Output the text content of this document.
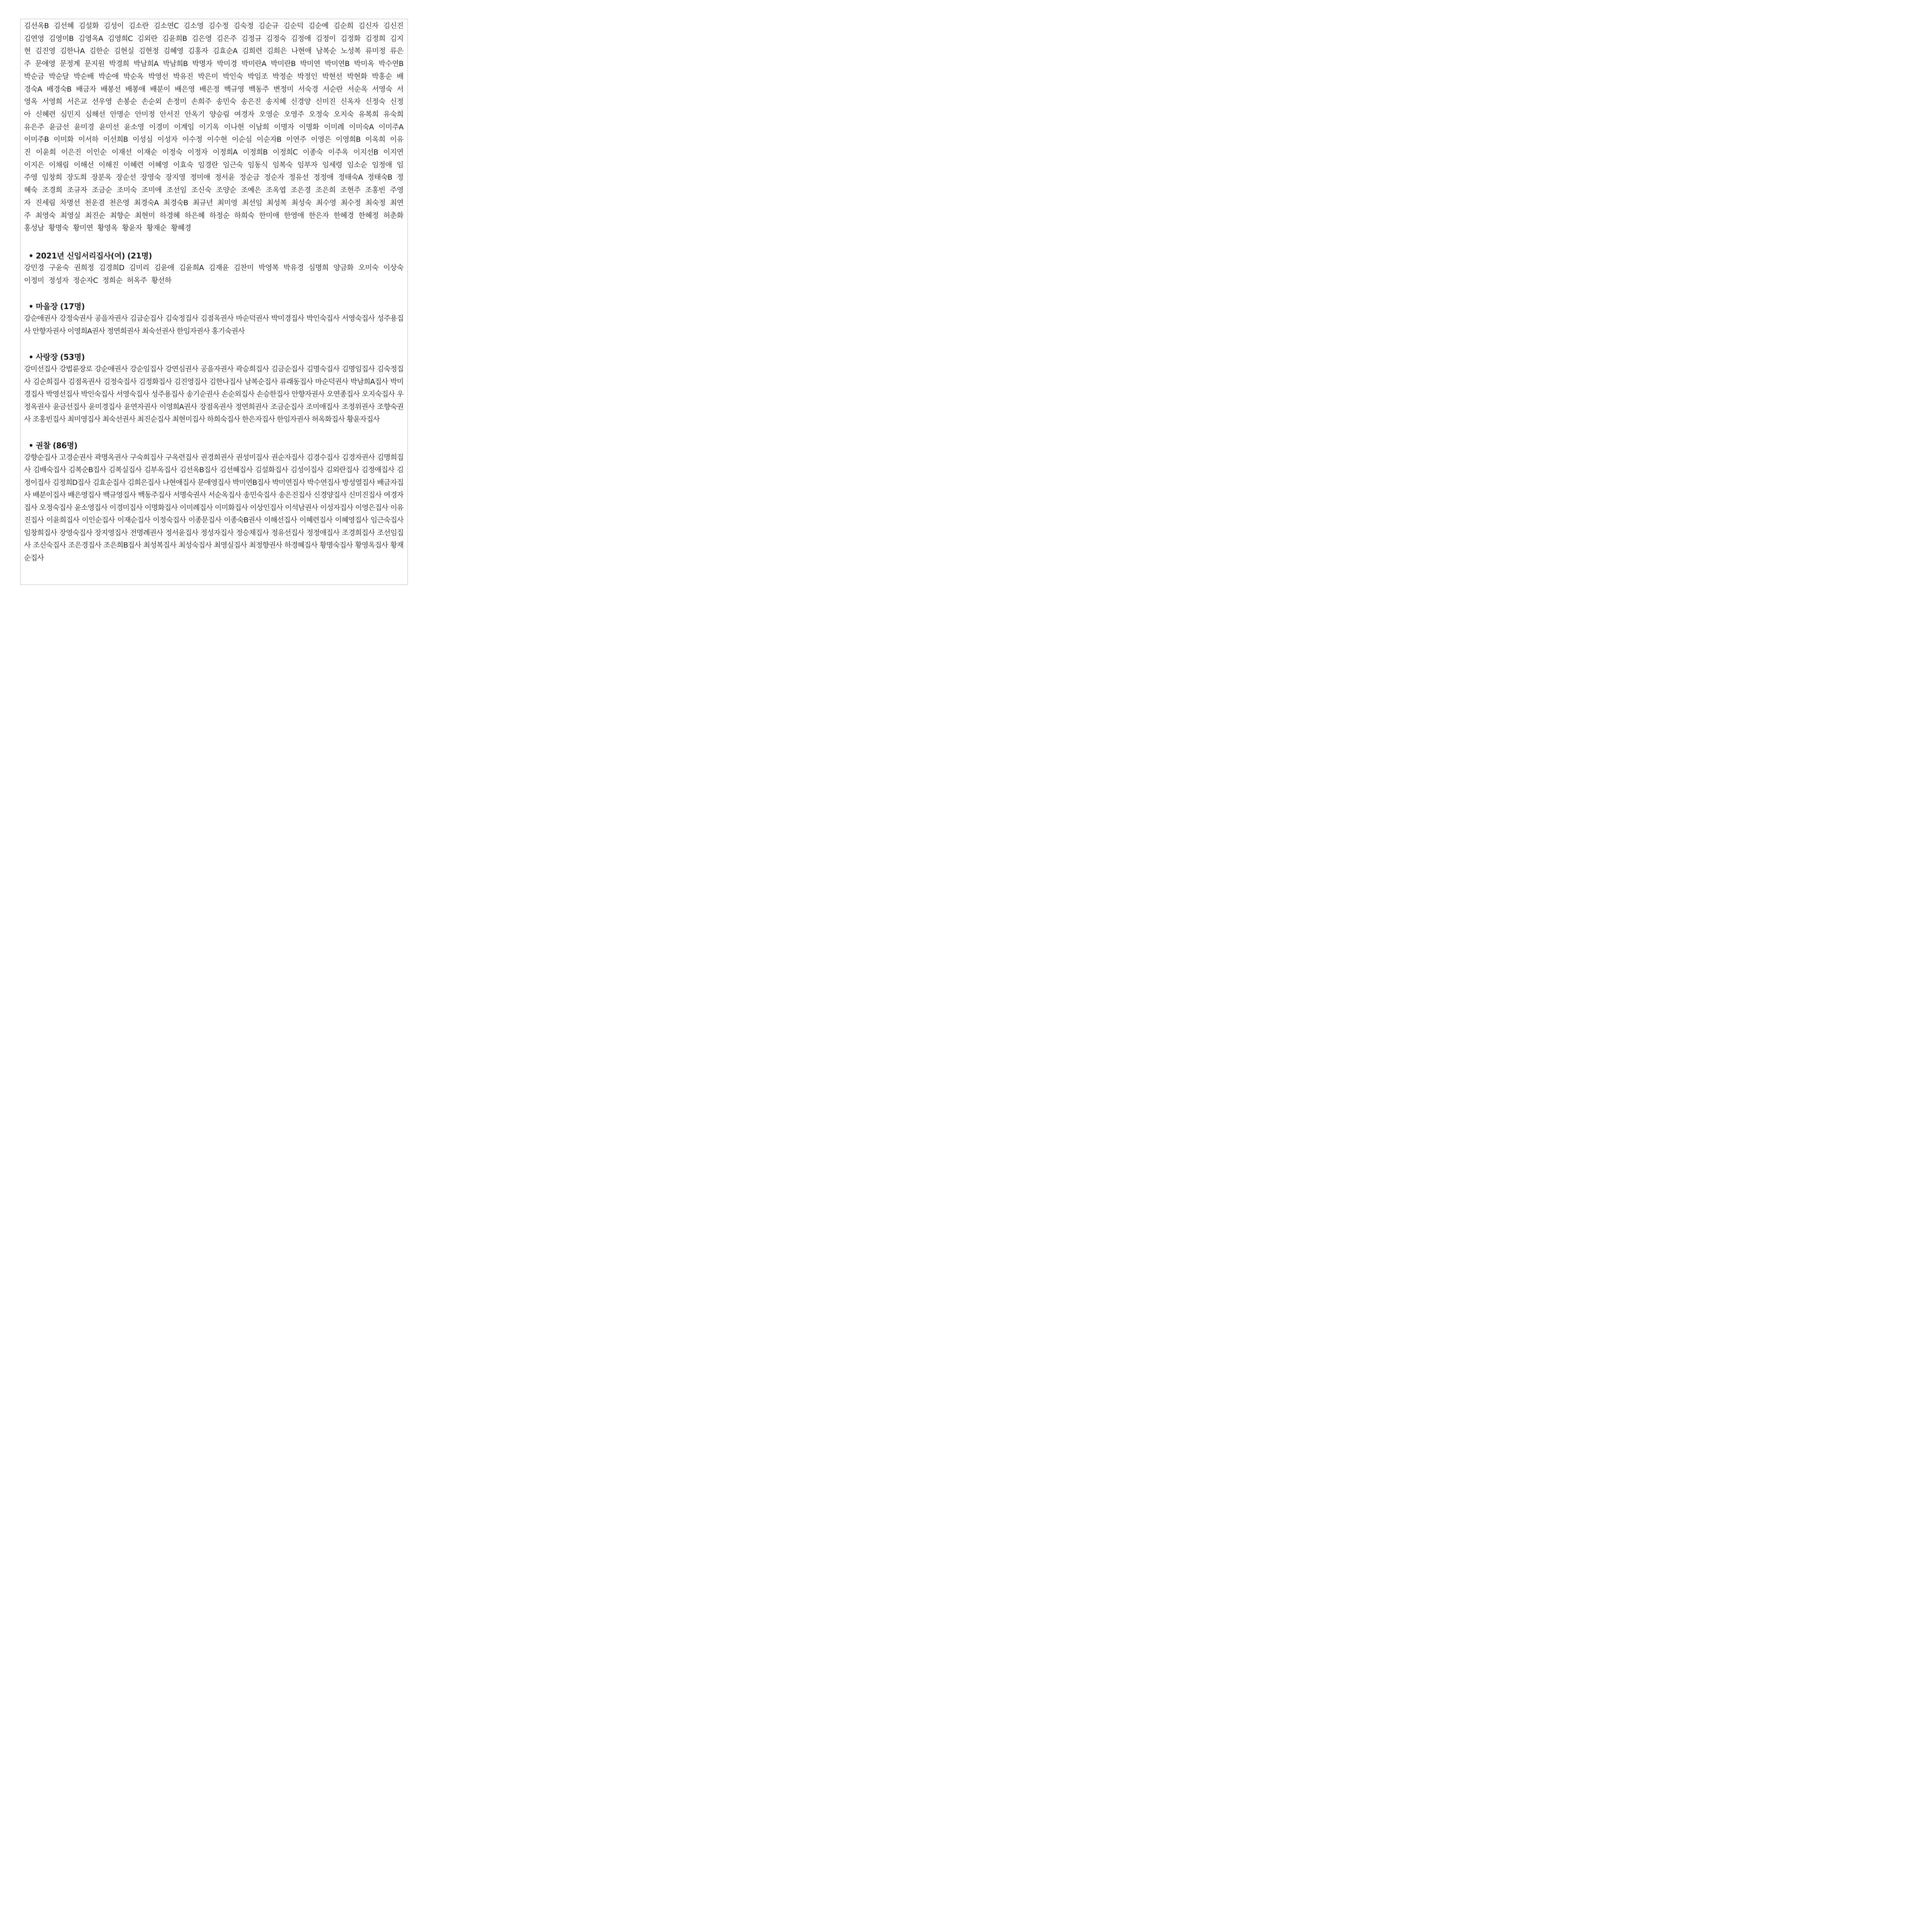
김선옥B 김선혜 김설화 김성이 김소란 김소연C 김소영 김수정 김숙정 김순규 김순덕 김순예 김순희 김신자 김신진 김연영 김영미B 김영옥A 김영희C 김외란 김윤희B 김은영 김은주 김정규 김정숙 김정애 김정이 김정화 김정희 김지현 김진영 김한나A 김한순 김현실 김현정 김혜영 김홍자 김효순A 김희련 김희은 나현애 남복순 노성복 류미정 류은주 문애영 문정계 문지원 박경희 박남희A 박남희B 박명자 박미경 박미란A 박미란B 박미연 박미연B 박미옥 박수연B 박순금 박순달 박순배 박순애 박순옥 박영선 박유진 박은미 박인숙 박임조 박정순 박정인 박현선 박현화 박홍순 배경숙A 배경숙B 배금자 배봉선 배봉애 배분이 배은영 배은정 백규영 백동주 변정미 서숙경 서순란 서순옥 서영숙 서영옥 서영희 서은교 선우영 손봉순 손순외 손정미 손희주 송민숙 송은진 송지혜 신경양 신미진 신옥자 신정숙 신정아 신혜련 심민지 심해선 안명순 안미정 안서진 안옥기 양승림 여경자 오영순 오영주 오정숙 오지숙 유복희 유숙희 유은주 윤금선 윤미경 윤미선 윤소영 이경미 이계임 이기옥 이나현 이남희 이명자 이명화 이미례 이미숙A 이미주A 이미주B 이미화 이서하 이선희B 이성심 이성자 이수정 이수현 이순심 이순자B 이연주 이영은 이영희B 이옥희 이유진 이윤희 이은진 이인순 이재선 이재순 이정숙 이정자 이정희A 이정희B 이정희C 이종숙 이주옥 이지선B 이지연 이지은 이채림 이해선 이해진 이혜련 이혜영 이효숙 임경란 임근숙 임동식 임복숙 임부자 임세령 임소순 임정애 임주영 임창희 장도희 장분옥 장순선 장영숙 장지영 정미애 정서윤 정순금 정순자 정유선 정정애 정태숙A 정태숙B 정혜숙 조경희 조규자 조금순 조미숙 조미애 조선임 조신숙 조양순 조예은 조옥엽 조은경 조은희 조현주 조홍빈 주영자 진세림 차명선 천운겸 천은영 최경숙A 최경숙B 최규년 최미영 최선임 최성복 최성숙 최수영 최수정 최숙정 최연주 최영숙 최영실 최진순 최향순 최현미 하경혜 하은혜 하정순 하희숙 한미애 한영애 한은자 한혜경 한혜정 허춘화 홍성남 황명숙 황미연 황영옥 황윤자 황재순 황혜경

• 2021년 신임서리집사(여) (21명)

강민경 구윤숙 권희정 김경희D 김미리 김윤애 김윤희A 김재윤 김찬미 박영복 박유경 심명희 양금화 오미숙 이상숙 이정미 정성자 정순자C 정희순 허옥주 황선하

• 마을장 (17명)

강순애권사 강정숙권사 공을자권사 김금순집사 김숙정집사 김점옥권사 마순덕권사 박미경집사 박인숙집사 서영숙집사 성주용집사 안향자권사 이영희A권사 정연희권사 최숙선권사 한임자권사 홍기숙권사

• 사랑장 (53명)

강미선집사 강법륜장로 강순애권사 강순임집사 강연심권사 공을자권사 곽승희집사 김금순집사 김명숙집사 김명임집사 김숙정집사 김순희집사 김점옥권사 김정숙집사 김정화집사 김진영집사 김한나집사 남복순집사 류래동집사 마순덕권사 박남희A집사 박미경집사 박영선집사 박인숙집사 서영숙집사 성주용집사 송기순권사 손순외집사 손승한집사 안향자권사 오연종집사 오지숙집사 우정옥권사 윤금선집사 윤미경집사 윤연자권사 이영희A권사 장점옥권사 정연희권사 조금순집사 조미애집사 조정위권사 조향숙권사 조홍빈집사 최미영집사 최숙선권사 최진순집사 최현미집사 하희숙집사 한은자집사 한임자권사 허옥화집사 황윤자집사

• 권찰 (86명)

강향순집사 고경순권사 곽명옥권사 구숙희집사 구옥련집사 권경희권사 권성미집사 권순자집사 김경수집사 김경자권사 김명희집사 김배숙집사 김복순B집사 김복실집사 김부옥집사 김선옥B집사 김선혜집사 김설화집사 김성이집사 김외란집사 김정애집사 김정이집사 김정희D집사 김효순집사 김희은집사 나현애집사 문애영집사 박미연B집사 박미연집사 박수연집사 방성열집사 배금자집사 배분이집사 배은영집사 백규영집사 백동주집사 서명숙권사 서순옥집사 송민숙집사 송은진집사 신경양집사 신미진집사 여경자집사 오정숙집사 윤소영집사 이경미집사 이명화집사 이미례집사 이미화집사 이상인집사 이석남권사 이성자집사 이영은집사 이유진집사 이윤희집사 이인순집사 이재순집사 이정숙집사 이종문집사 이종숙B권사 이해선집사 이혜련집사 이혜영집사 임근숙집사 임창희집사 장영숙집사 장지영집사 전명례권사 정서윤집사 정성자집사 정승채집사 정유선집사 정정애집사 조경희집사 조선임집사 조신숙집사 조은경집사 조은희B집사 최성복집사 최성숙집사 최영실집사 최정향권사 하경혜집사 황명숙집사 황영옥집사 황재순집사
